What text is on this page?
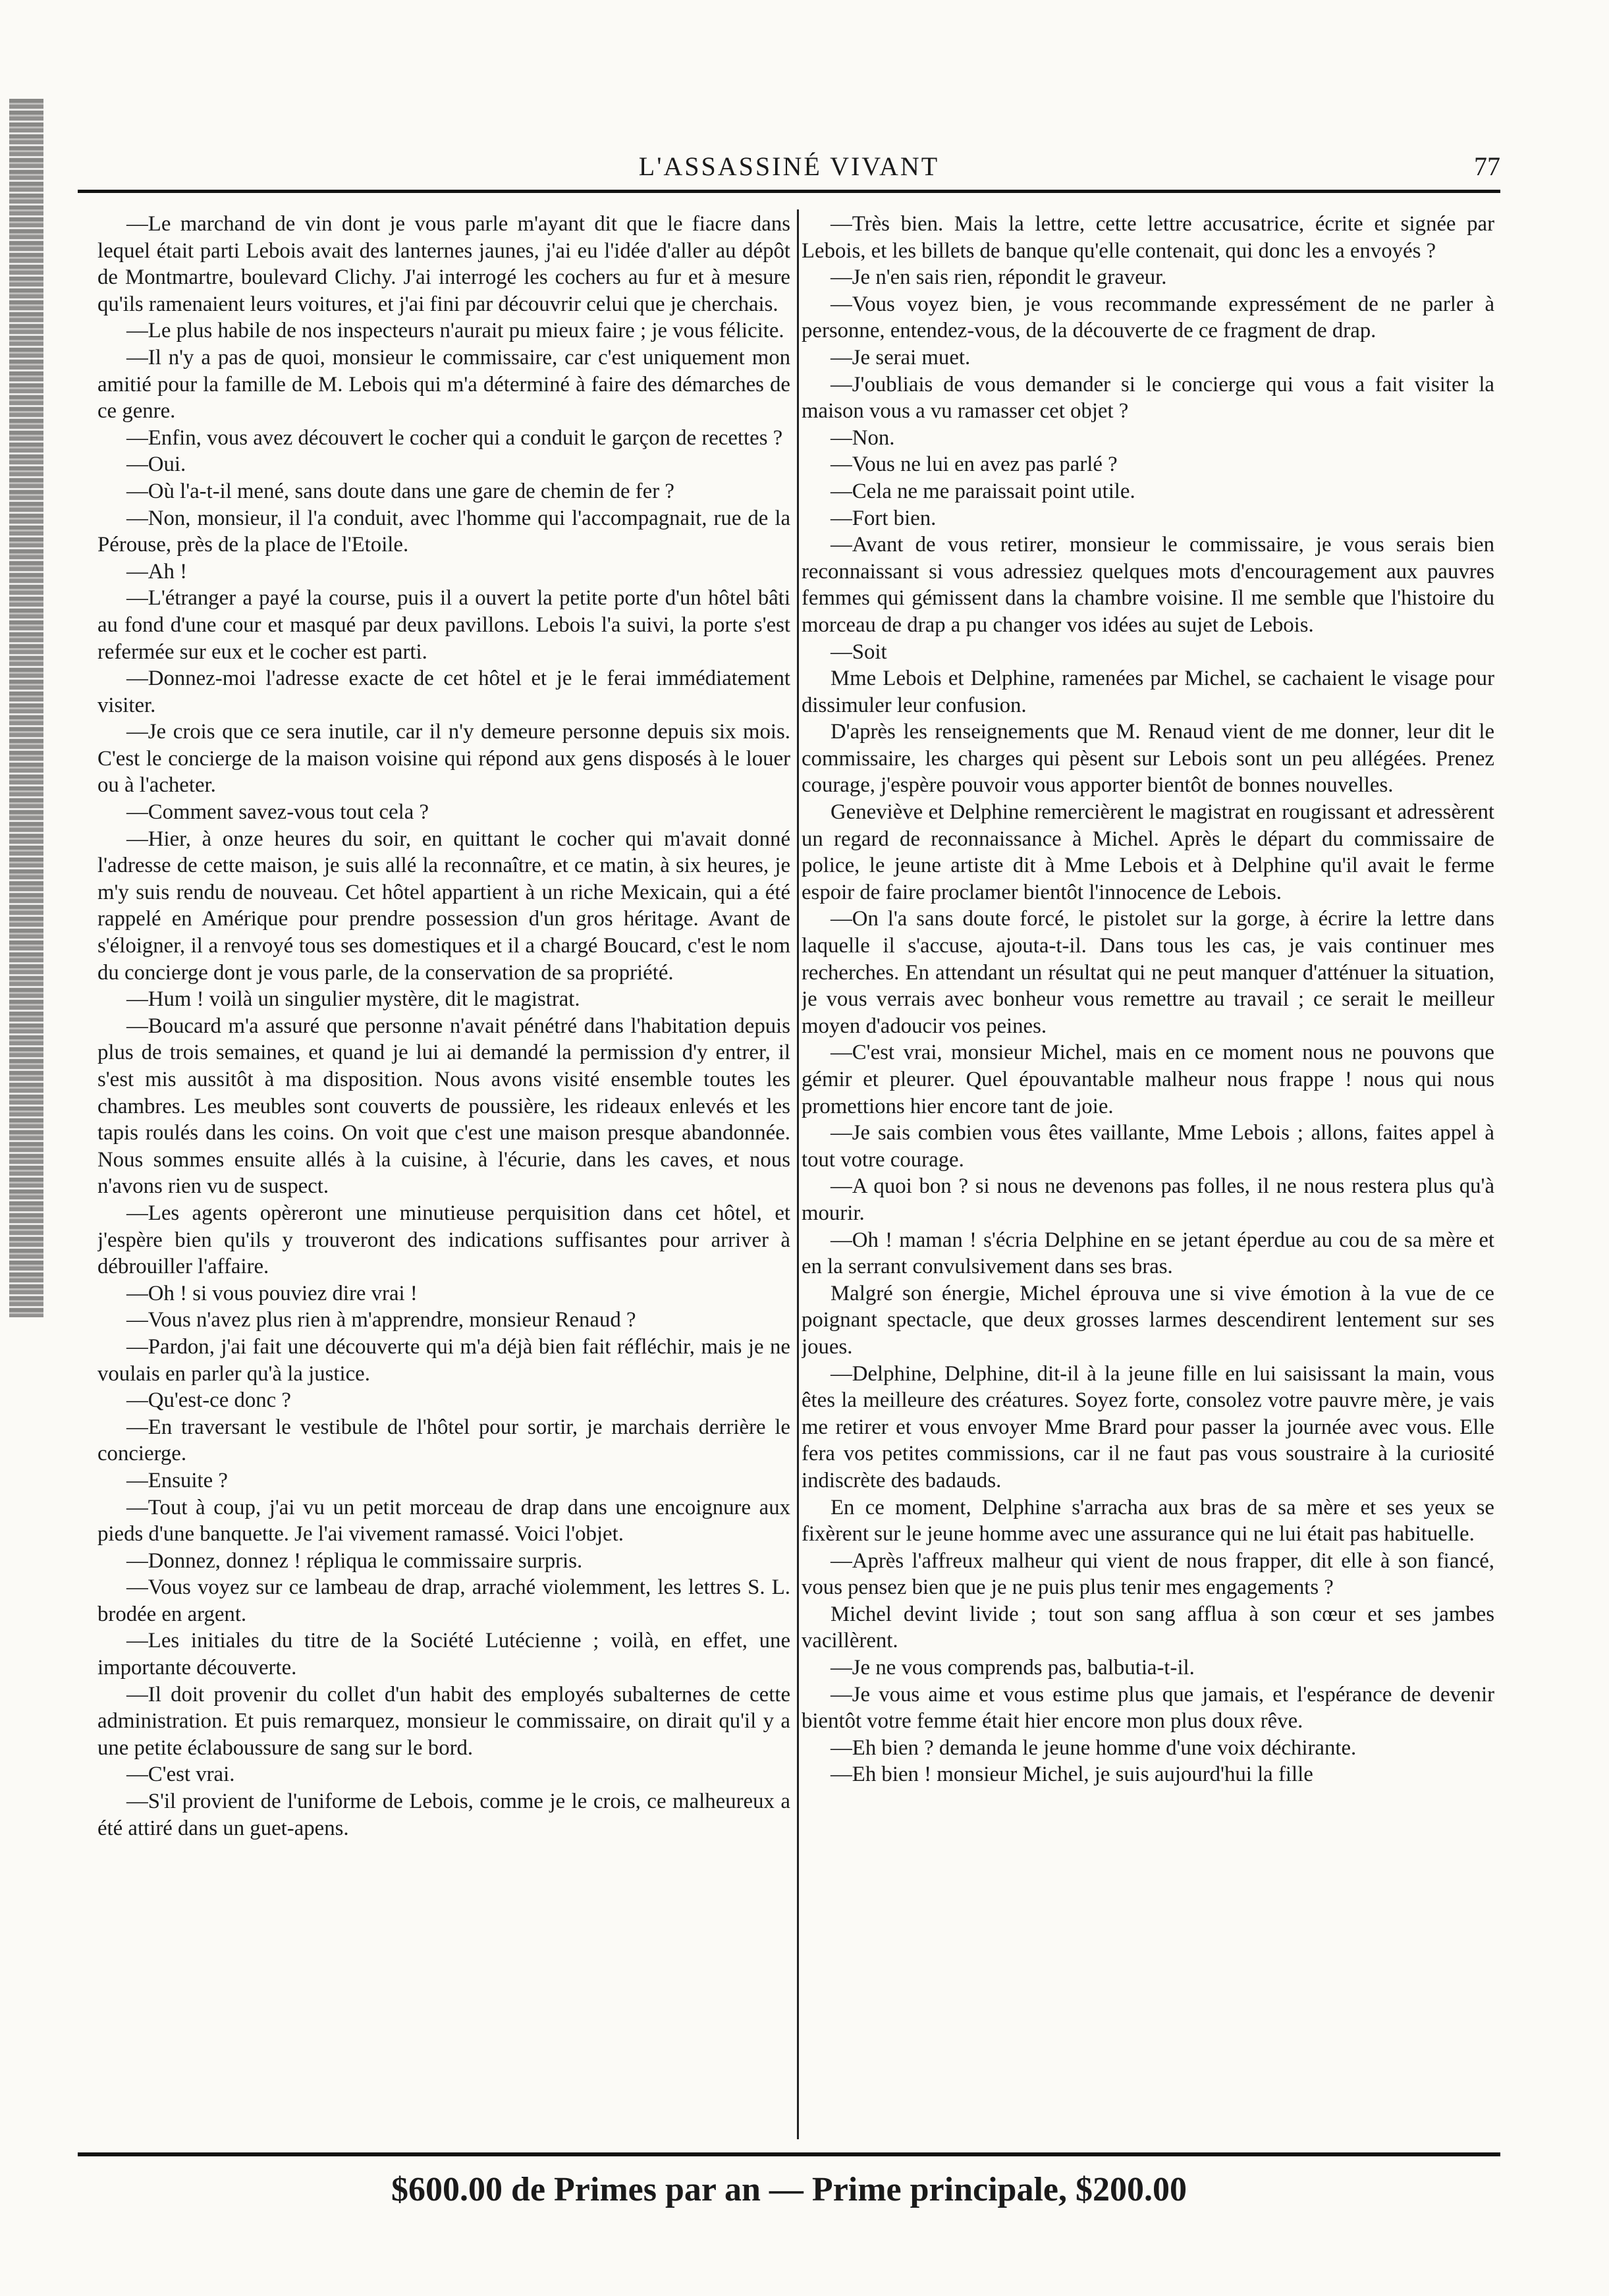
L'ASSASSINÉ VIVANT	77

—Le marchand de vin dont je vous parle m'ayant dit que le fiacre dans lequel était parti Lebois avait des lanternes jaunes, j'ai eu l'idée d'aller au dépôt de Montmartre, boulevard Clichy. J'ai interrogé les cochers au fur et à mesure qu'ils ramenaient leurs voitures, et j'ai fini par découvrir celui que je cherchais.

—Le plus habile de nos inspecteurs n'aurait pu mieux faire ; je vous félicite.

—Il n'y a pas de quoi, monsieur le commissaire, car c'est uniquement mon amitié pour la famille de M. Lebois qui m'a déterminé à faire des démarches de ce genre.

—Enfin, vous avez découvert le cocher qui a conduit le garçon de recettes ?

—Oui.

—Où l'a-t-il mené, sans doute dans une gare de chemin de fer ?

—Non, monsieur, il l'a conduit, avec l'homme qui l'accompagnait, rue de la Pérouse, près de la place de l'Etoile.

—Ah !

—L'étranger a payé la course, puis il a ouvert la petite porte d'un hôtel bâti au fond d'une cour et masqué par deux pavillons. Lebois l'a suivi, la porte s'est refermée sur eux et le cocher est parti.

—Donnez-moi l'adresse exacte de cet hôtel et je le ferai immédiatement visiter.

—Je crois que ce sera inutile, car il n'y demeure personne depuis six mois. C'est le concierge de la maison voisine qui répond aux gens disposés à le louer ou à l'acheter.

—Comment savez-vous tout cela ?

—Hier, à onze heures du soir, en quittant le cocher qui m'avait donné l'adresse de cette maison, je suis allé la reconnaître, et ce matin, à six heures, je m'y suis rendu de nouveau. Cet hôtel appartient à un riche Mexicain, qui a été rappelé en Amérique pour prendre possession d'un gros héritage. Avant de s'éloigner, il a renvoyé tous ses domestiques et il a chargé Boucard, c'est le nom du concierge dont je vous parle, de la conservation de sa propriété.

—Hum ! voilà un singulier mystère, dit le magistrat.

—Boucard m'a assuré que personne n'avait pénétré dans l'habitation depuis plus de trois semaines, et quand je lui ai demandé la permission d'y entrer, il s'est mis aussitôt à ma disposition. Nous avons visité ensemble toutes les chambres. Les meubles sont couverts de poussière, les rideaux enlevés et les tapis roulés dans les coins. On voit que c'est une maison presque abandonnée. Nous sommes ensuite allés à la cuisine, à l'écurie, dans les caves, et nous n'avons rien vu de suspect.

—Les agents opèreront une minutieuse perquisition dans cet hôtel, et j'espère bien qu'ils y trouveront des indications suffisantes pour arriver à débrouiller l'affaire.

—Oh ! si vous pouviez dire vrai !

—Vous n'avez plus rien à m'apprendre, monsieur Renaud ?

—Pardon, j'ai fait une découverte qui m'a déjà bien fait réfléchir, mais je ne voulais en parler qu'à la justice.

—Qu'est-ce donc ?

—En traversant le vestibule de l'hôtel pour sortir, je marchais derrière le concierge.

—Ensuite ?

—Tout à coup, j'ai vu un petit morceau de drap dans une encoignure aux pieds d'une banquette. Je l'ai vivement ramassé. Voici l'objet.

—Donnez, donnez ! répliqua le commissaire surpris.

—Vous voyez sur ce lambeau de drap, arraché violemment, les lettres S. L. brodée en argent.

—Les initiales du titre de la Société Lutécienne ; voilà, en effet, une importante découverte.

—Il doit provenir du collet d'un habit des employés subalternes de cette administration. Et puis remarquez, monsieur le commissaire, on dirait qu'il y a une petite éclaboussure de sang sur le bord.

—C'est vrai.

—S'il provient de l'uniforme de Lebois, comme je le crois, ce malheureux a été attiré dans un guet-apens.

—Très bien. Mais la lettre, cette lettre accusatrice, écrite et signée par Lebois, et les billets de banque qu'elle contenait, qui donc les a envoyés ?

—Je n'en sais rien, répondit le graveur.

—Vous voyez bien, je vous recommande expressément de ne parler à personne, entendez-vous, de la découverte de ce fragment de drap.

—Je serai muet.

—J'oubliais de vous demander si le concierge qui vous a fait visiter la maison vous a vu ramasser cet objet ?

—Non.

—Vous ne lui en avez pas parlé ?

—Cela ne me paraissait point utile.

—Fort bien.

—Avant de vous retirer, monsieur le commissaire, je vous serais bien reconnaissant si vous adressiez quelques mots d'encouragement aux pauvres femmes qui gémissent dans la chambre voisine. Il me semble que l'histoire du morceau de drap a pu changer vos idées au sujet de Lebois.

—Soit

Mme Lebois et Delphine, ramenées par Michel, se cachaient le visage pour dissimuler leur confusion.

D'après les renseignements que M. Renaud vient de me donner, leur dit le commissaire, les charges qui pèsent sur Lebois sont un peu allégées. Prenez courage, j'espère pouvoir vous apporter bientôt de bonnes nouvelles.

Geneviève et Delphine remercièrent le magistrat en rougissant et adressèrent un regard de reconnaissance à Michel. Après le départ du commissaire de police, le jeune artiste dit à Mme Lebois et à Delphine qu'il avait le ferme espoir de faire proclamer bientôt l'innocence de Lebois.

—On l'a sans doute forcé, le pistolet sur la gorge, à écrire la lettre dans laquelle il s'accuse, ajouta-t-il. Dans tous les cas, je vais continuer mes recherches. En attendant un résultat qui ne peut manquer d'atténuer la situation, je vous verrais avec bonheur vous remettre au travail ; ce serait le meilleur moyen d'adoucir vos peines.

—C'est vrai, monsieur Michel, mais en ce moment nous ne pouvons que gémir et pleurer. Quel épouvantable malheur nous frappe ! nous qui nous promettions hier encore tant de joie.

—Je sais combien vous êtes vaillante, Mme Lebois ; allons, faites appel à tout votre courage.

—A quoi bon ? si nous ne devenons pas folles, il ne nous restera plus qu'à mourir.

—Oh ! maman ! s'écria Delphine en se jetant éperdue au cou de sa mère et en la serrant convulsivement dans ses bras.

Malgré son énergie, Michel éprouva une si vive émotion à la vue de ce poignant spectacle, que deux grosses larmes descendirent lentement sur ses joues.

—Delphine, Delphine, dit-il à la jeune fille en lui saisissant la main, vous êtes la meilleure des créatures. Soyez forte, consolez votre pauvre mère, je vais me retirer et vous envoyer Mme Brard pour passer la journée avec vous. Elle fera vos petites commissions, car il ne faut pas vous soustraire à la curiosité indiscrète des badauds.

En ce moment, Delphine s'arracha aux bras de sa mère et ses yeux se fixèrent sur le jeune homme avec une assurance qui ne lui était pas habituelle.

—Après l'affreux malheur qui vient de nous frapper, dit elle à son fiancé, vous pensez bien que je ne puis plus tenir mes engagements ?

Michel devint livide ; tout son sang afflua à son cœur et ses jambes vacillèrent.

—Je ne vous comprends pas, balbutia-t-il.

—Je vous aime et vous estime plus que jamais, et l'espérance de devenir bientôt votre femme était hier encore mon plus doux rêve.

—Eh bien ? demanda le jeune homme d'une voix déchirante.

—Eh bien ! monsieur Michel, je suis aujourd'hui la fille

$600.00 de Primes par an — Prime principale, $200.00
